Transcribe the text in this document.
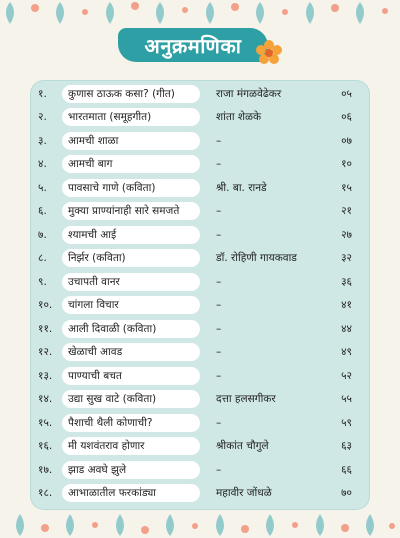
अनुक्रमणिका
१.	कुणास ठाऊक कसा? (गीत)	राजा मंगळवेढेकर	०५
२.	भारतमाता (समूहगीत)	शांता शेळके	०६
३.	आमची शाळा	–	०७
४.	आमची बाग	–	१०
५.	पावसाचे गाणे (कविता)	श्री. बा. रानडे	१५
६.	मुक्या प्राण्यांनाही सारे समजते	–	२१
७.	श्यामची आई	–	२७
८.	निर्झर (कविता)	डॉ. रोहिणी गायकवाड	३२
९.	उचापती वानर	–	३६
१०.	चांगला विचार	–	४१
११.	आली दिवाळी (कविता)	–	४४
१२.	खेळाची आवड	–	४९
१३.	पाण्याची बचत	–	५२
१४.	उद्या सुख वाटे (कविता)	दत्ता हलसगीकर	५५
१५.	पैशाची थैली कोणाची?	–	५९
१६.	मी यशवंतराव होणार	श्रीकांत चौगुले	६३
१७.	झाड अवघे झुले	–	६६
१८.	आभाळातील फरकांड्या	महावीर जोंधळे	७०
